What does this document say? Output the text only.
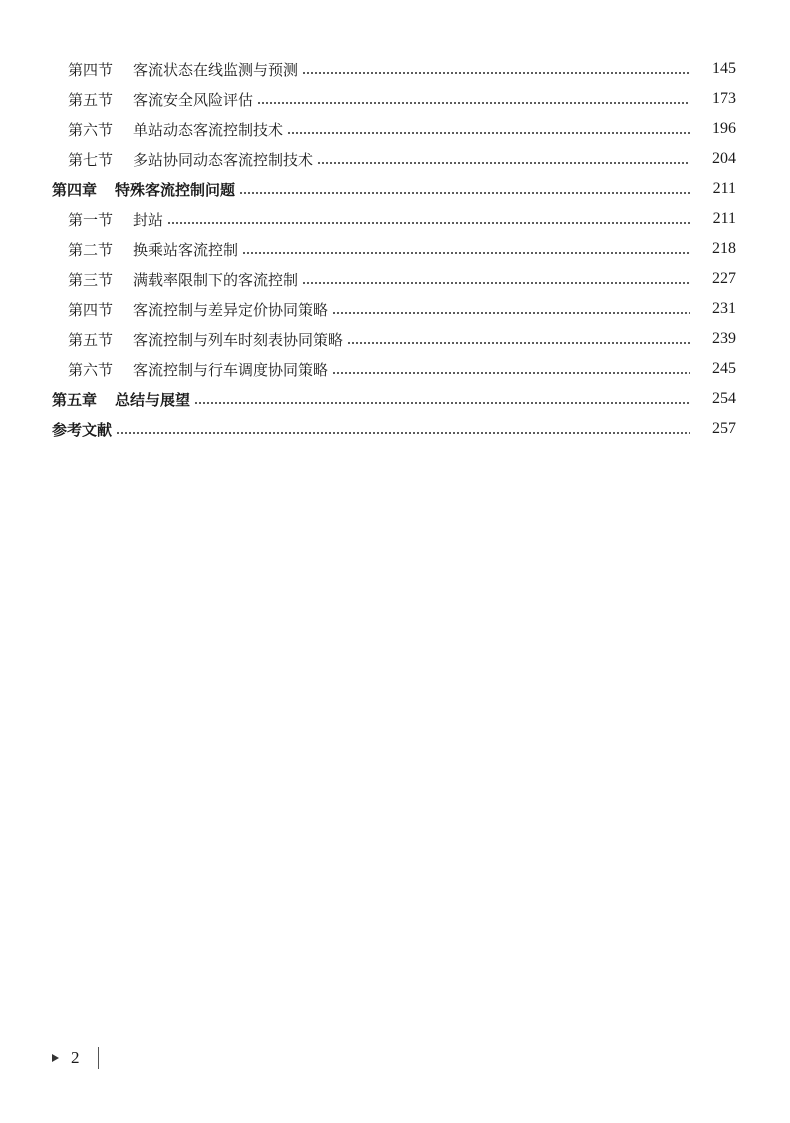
第四节 客流状态在线监测与预测	145
第五节 客流安全风险评估	173
第六节 单站动态客流控制技术	196
第七节 多站协同动态客流控制技术	204
第四章 特殊客流控制问题	211
第一节 封站	211
第二节 换乘站客流控制	218
第三节 满载率限制下的客流控制	227
第四节 客流控制与差异定价协同策略	231
第五节 客流控制与列车时刻表协同策略	239
第六节 客流控制与行车调度协同策略	245
第五章 总结与展望	254
参考文献	257
2
